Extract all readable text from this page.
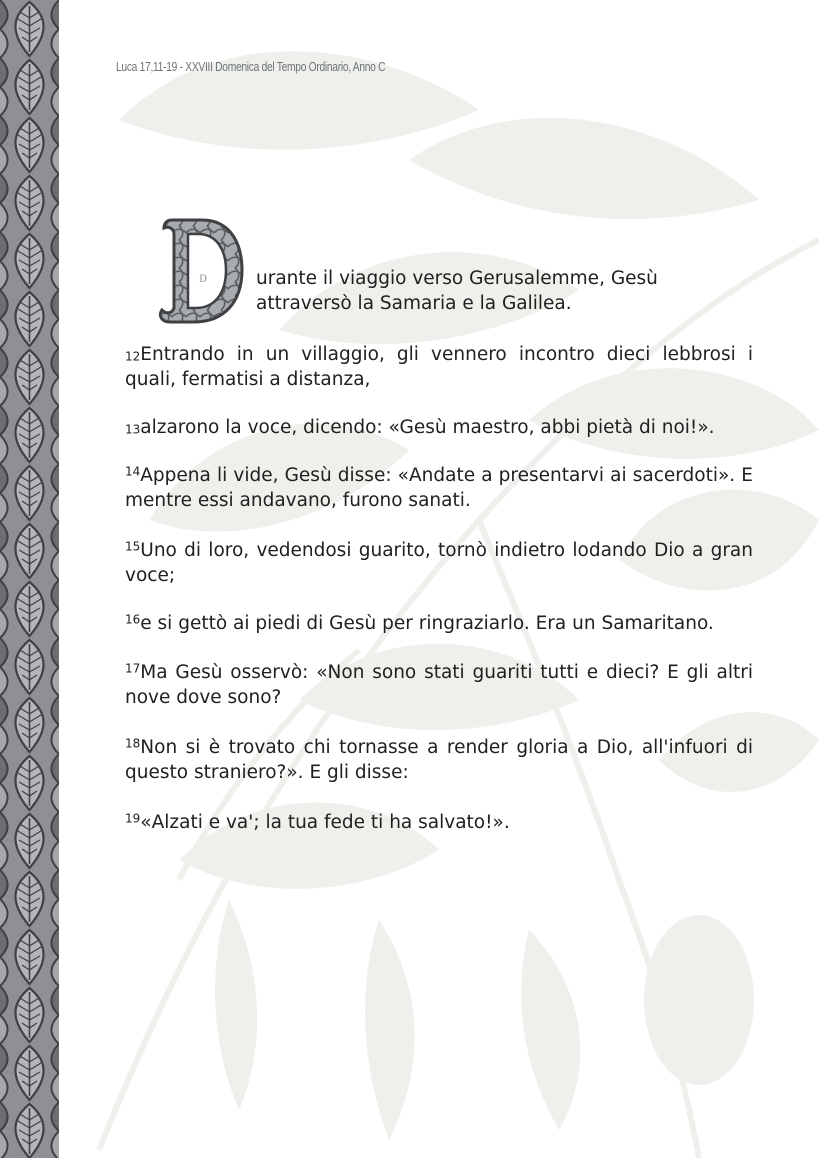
Luca 17,11-19 - XXVIII Domenica del Tempo Ordinario, Anno C
D	urante il viaggio verso Gerusalemme, Gesù attraversò la Samaria e la Galilea.
12Entrando in un villaggio, gli vennero incontro dieci lebbrosi i quali, fermatisi a distanza,
13alzarono la voce, dicendo: «Gesù maestro, abbi pietà di noi!».
$^{14}$Appena li vide, Gesù disse: «Andate a presentarvi ai sacerdoti». E mentre essi andavano, furono sanati.
$^{15}$Uno di loro, vedendosi guarito, tornò indietro lodando Dio a gran voce;
$^{16}$e si gettò ai piedi di Gesù per ringraziarlo. Era un Samaritano.
$^{17}$Ma Gesù osservò: «Non sono stati guariti tutti e dieci? E gli altri nove dove sono?
$^{18}$Non si è trovato chi tornasse a render gloria a Dio, all'infuori di questo straniero?». E gli disse:
$^{19}$«Alzati e va'; la tua fede ti ha salvato!».
